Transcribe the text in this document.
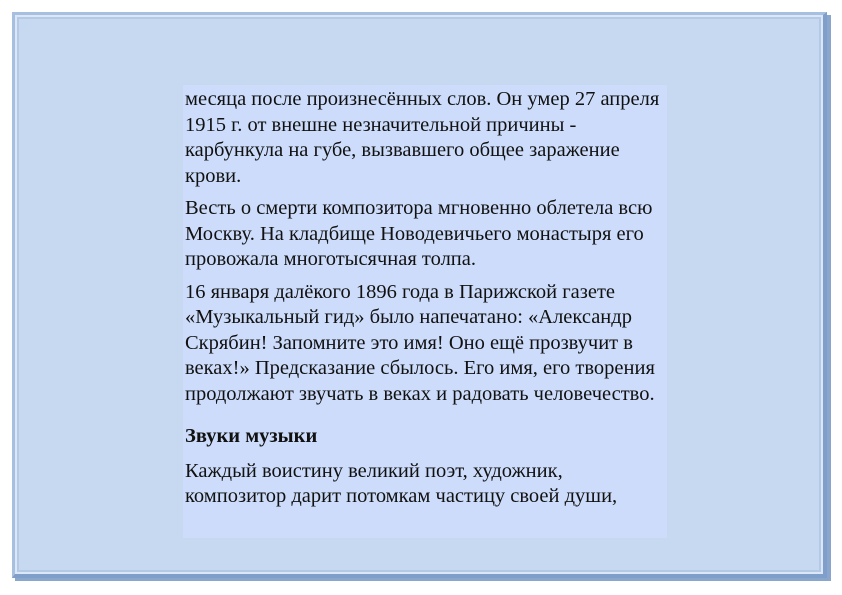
месяца после произнесённых слов. Он умер 27 апреля 1915 г. от внешне незначительной причины - карбункула на губе, вызвавшего общее заражение крови.

Весть о смерти композитора мгновенно облетела всю Москву. На кладбище Новодевичьего монастыря его провожала многотысячная толпа.

16 января далёкого 1896 года в Парижской газете «Музыкальный гид» было напечатано: «Александр Скрябин! Запомните это имя! Оно ещё прозвучит в веках!» Предсказание сбылось. Его имя, его творения продолжают звучать в веках и радовать человечество.

Звуки музыки

Каждый воистину великий поэт, художник, композитор дарит потомкам частицу своей души,
